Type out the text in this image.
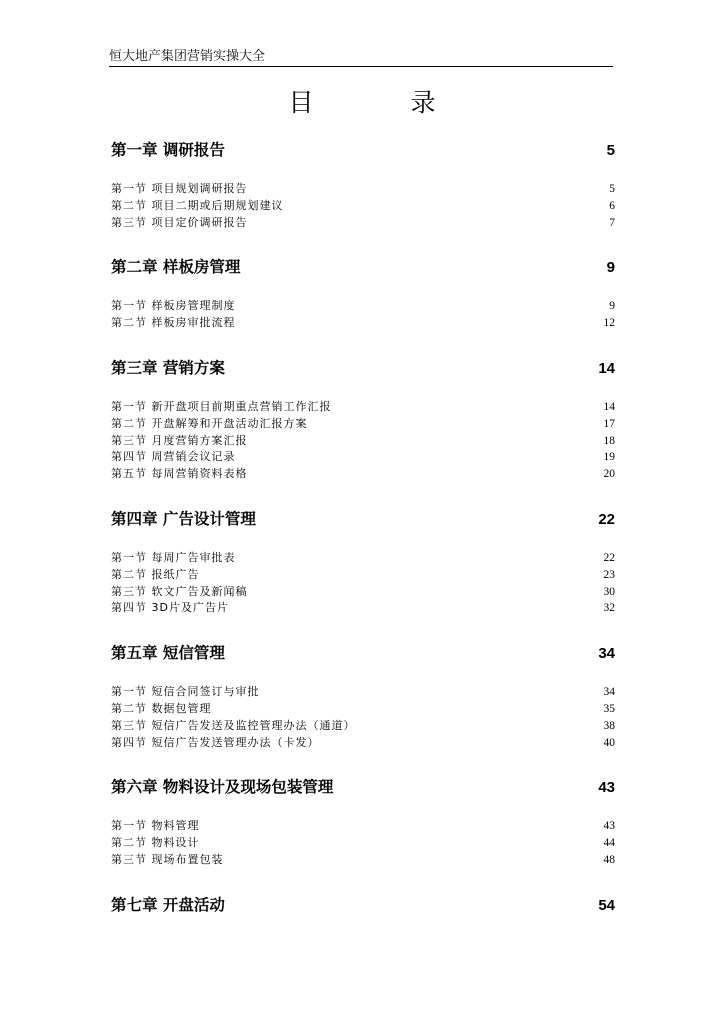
恒大地产集团营销实操大全
目　录
第一章 调研报告	5
第一节 项目规划调研报告	5
第二节 项目二期或后期规划建议	6
第三节 项目定价调研报告	7
第二章 样板房管理	9
第一节 样板房管理制度	9
第二节 样板房审批流程	12
第三章 营销方案	14
第一节 新开盘项目前期重点营销工作汇报	14
第二节 开盘解筹和开盘活动汇报方案	17
第三节 月度营销方案汇报	18
第四节 周营销会议记录	19
第五节 每周营销资料表格	20
第四章 广告设计管理	22
第一节 每周广告审批表	22
第二节 报纸广告	23
第三节 软文广告及新闻稿	30
第四节 3D片及广告片	32
第五章 短信管理	34
第一节 短信合同签订与审批	34
第二节 数据包管理	35
第三节 短信广告发送及监控管理办法（通道）	38
第四节 短信广告发送管理办法（卡发）	40
第六章 物料设计及现场包装管理	43
第一节 物料管理	43
第二节 物料设计	44
第三节 现场布置包装	48
第七章 开盘活动	54
